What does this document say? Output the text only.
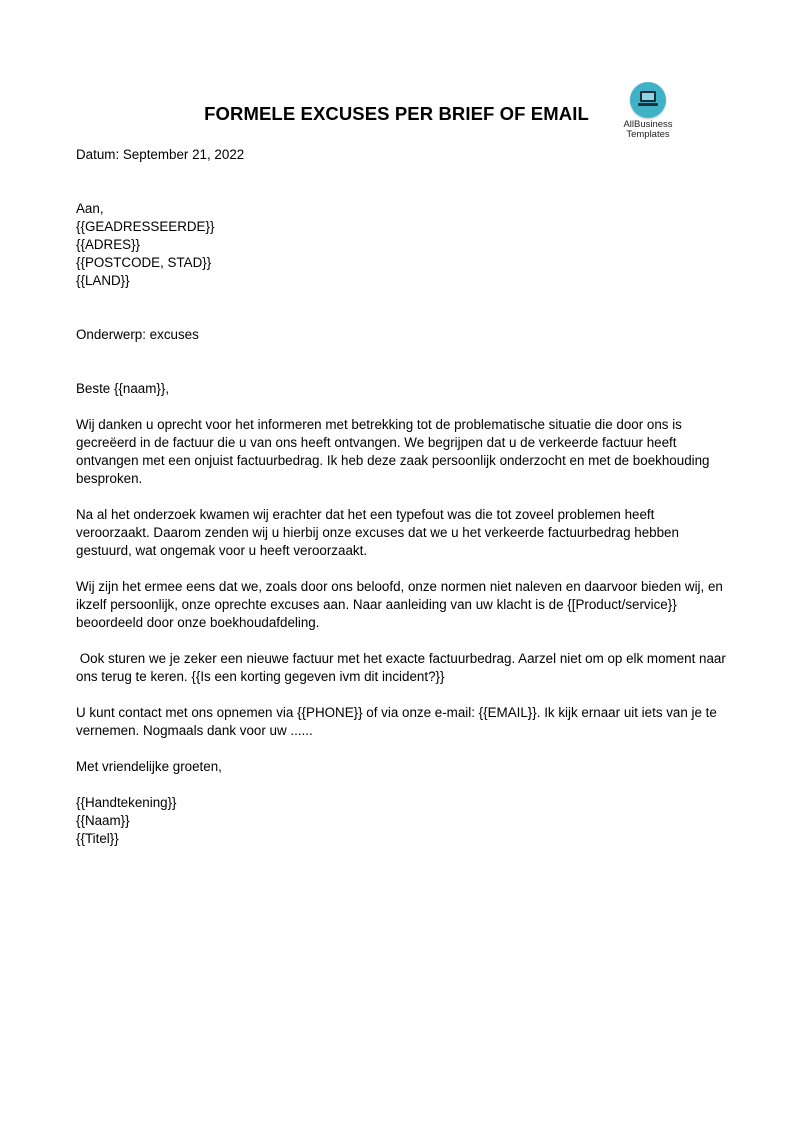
FORMELE EXCUSES PER BRIEF OF EMAIL
AllBusiness
Templates

Datum: September 21, 2022

Aan,

{{GEADRESSEERDE}}

{{ADRES}}

{{POSTCODE, STAD}}

{{LAND}}

Onderwerp: excuses

Beste {{naam}},

Wij danken u oprecht voor het informeren met betrekking tot de problematische situatie die door ons is gecreëerd in de factuur die u van ons heeft ontvangen. We begrijpen dat u de verkeerde factuur heeft ontvangen met een onjuist factuurbedrag. Ik heb deze zaak persoonlijk onderzocht en met de boekhouding besproken.

Na al het onderzoek kwamen wij erachter dat het een typefout was die tot zoveel problemen heeft veroorzaakt. Daarom zenden wij u hierbij onze excuses dat we u het verkeerde factuurbedrag hebben gestuurd, wat ongemak voor u heeft veroorzaakt.

Wij zijn het ermee eens dat we, zoals door ons beloofd, onze normen niet naleven en daarvoor bieden wij, en ikzelf persoonlijk, onze oprechte excuses aan. Naar aanleiding van uw klacht is de {[Product/service}} beoordeeld door onze boekhoudafdeling.

Ook sturen we je zeker een nieuwe factuur met het exacte factuurbedrag. Aarzel niet om op elk moment naar ons terug te keren. {{Is een korting gegeven ivm dit incident?}}

U kunt contact met ons opnemen via {{PHONE}} of via onze e-mail: {{EMAIL}}. Ik kijk ernaar uit iets van je te vernemen. Nogmaals dank voor uw ......

Met vriendelijke groeten,

{{Handtekening}}

{{Naam}}

{{Titel}}
